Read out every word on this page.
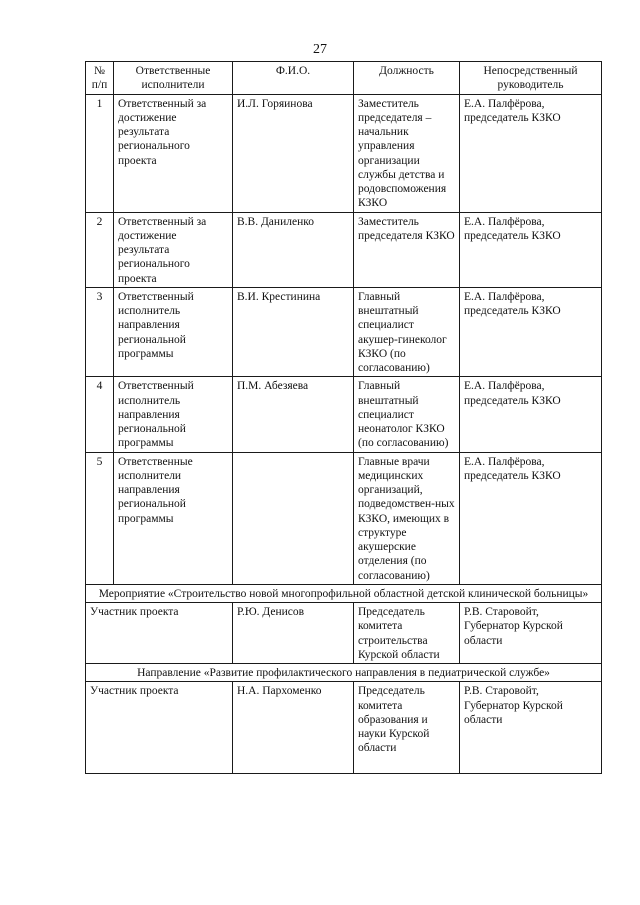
27
№ п/п	Ответственные исполнители	Ф.И.О.	Должность	Непосредственный руководитель
1	Ответственный за достижение результата регионального проекта	И.Л. Горяинова	Заместитель председателя – начальник управления организации службы детства и родовспоможения КЗКО	Е.А. Палфёрова, председатель КЗКО
2	Ответственный за достижение результата регионального проекта	В.В. Даниленко	Заместитель председателя КЗКО	Е.А. Палфёрова, председатель КЗКО
3	Ответственный исполнитель направления региональной программы	В.И. Крестинина	Главный внештатный специалист акушер-гинеколог КЗКО (по согласованию)	Е.А. Палфёрова, председатель КЗКО
4	Ответственный исполнитель направления региональной программы	П.М. Абезяева	Главный внештатный специалист неонатолог КЗКО (по согласованию)	Е.А. Палфёрова, председатель КЗКО
5	Ответственные исполнители направления региональной программы		Главные врачи медицинских организаций, подведомствен-ных КЗКО, имеющих в структуре акушерские отделения (по согласованию)	Е.А. Палфёрова, председатель КЗКО
Мероприятие «Строительство новой многопрофильной областной детской клинической больницы»				
Участник проекта		Р.Ю. Денисов	Председатель комитета строительства Курской области	Р.В. Старовойт, Губернатор Курской области
Направление «Развитие профилактического направления в педиатрической службе»				
Участник проекта		Н.А. Пархоменко	Председатель комитета образования и науки Курской области	Р.В. Старовойт, Губернатор Курской области
